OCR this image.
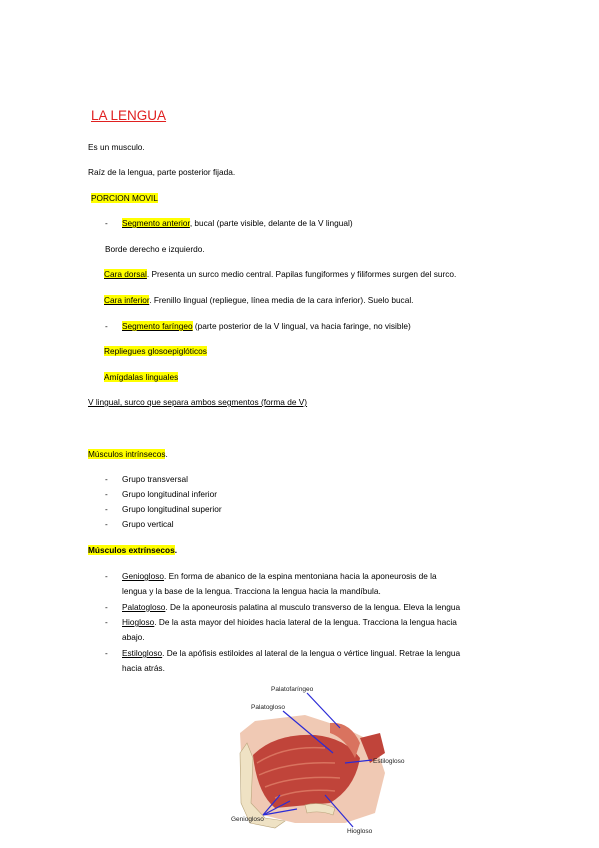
LA LENGUA
Es un musculo.
Raíz de la lengua, parte posterior fijada.
PORCION MOVIL
- Segmento anterior, bucal (parte visible, delante de la V lingual)
Borde derecho e izquierdo.
Cara dorsal. Presenta un surco medio central. Papilas fungiformes y filiformes surgen del surco.
Cara inferior. Frenillo lingual (repliegue, línea media de la cara inferior). Suelo bucal.
- Segmento faríngeo (parte posterior de la V lingual, va hacia faringe, no visible)
Repliegues glosoepiglóticos
Amígdalas linguales
V lingual, surco que separa ambos segmentos (forma de V)
Músculos intrínsecos.
- Grupo transversal
- Grupo longitudinal inferior
- Grupo longitudinal superior
- Grupo vertical
Músculos extrínsecos.
- Geniogloso. En forma de abanico de la espina mentoniana hacia la aponeurosis de la
lengua y la base de la lengua. Tracciona la lengua hacia la mandíbula.
- Palatogloso. De la aponeurosis palatina al musculo transverso de la lengua. Eleva la lengua
- Hiogloso. De la asta mayor del hioides hacia lateral de la lengua. Tracciona la lengua hacia
abajo.
- Estilogloso. De la apófisis estiloides al lateral de la lengua o vértice lingual. Retrae la lengua
hacia atrás.
Palatofaríngeo
Palatogloso
Estilogloso
Geniogloso
Hiogloso
